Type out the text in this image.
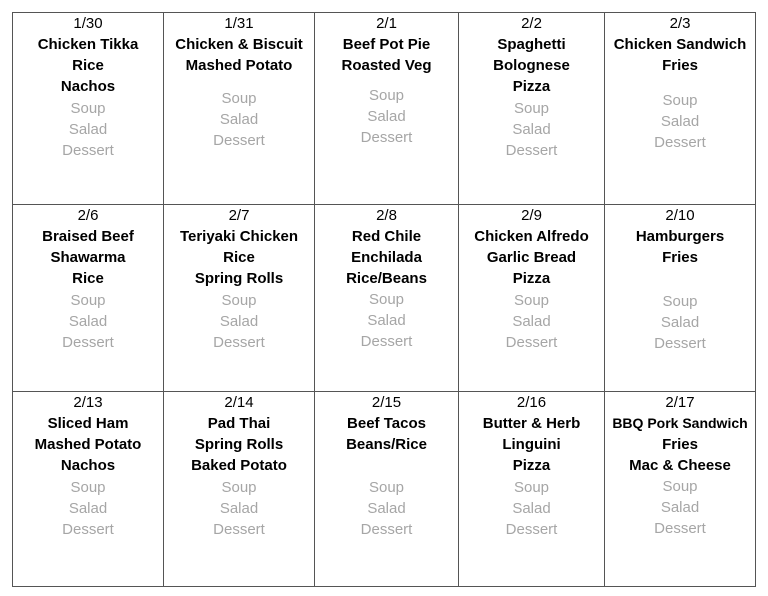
1/30
Chicken Tikka
Rice
Nachos
Soup
Salad
Dessert
1/31
Chicken & Biscuit
Mashed Potato
Soup
Salad
Dessert
2/1
Beef Pot Pie
Roasted Veg
Soup
Salad
Dessert
2/2
Spaghetti
Bolognese
Pizza
Soup
Salad
Dessert
2/3
Chicken Sandwich
Fries
Soup
Salad
Dessert
2/6
Braised Beef
Shawarma
Rice
Soup
Salad
Dessert
2/7
Teriyaki Chicken
Rice
Spring Rolls
Soup
Salad
Dessert
2/8
Red Chile
Enchilada
Rice/Beans
Soup
Salad
Dessert
2/9
Chicken Alfredo
Garlic Bread
Pizza
Soup
Salad
Dessert
2/10
Hamburgers
Fries
Soup
Salad
Dessert
2/13
Sliced Ham
Mashed Potato
Nachos
Soup
Salad
Dessert
2/14
Pad Thai
Spring Rolls
Baked Potato
Soup
Salad
Dessert
2/15
Beef Tacos
Beans/Rice
Soup
Salad
Dessert
2/16
Butter & Herb
Linguini
Pizza
Soup
Salad
Dessert
2/17
BBQ Pork Sandwich
Fries
Mac & Cheese
Soup
Salad
Dessert
